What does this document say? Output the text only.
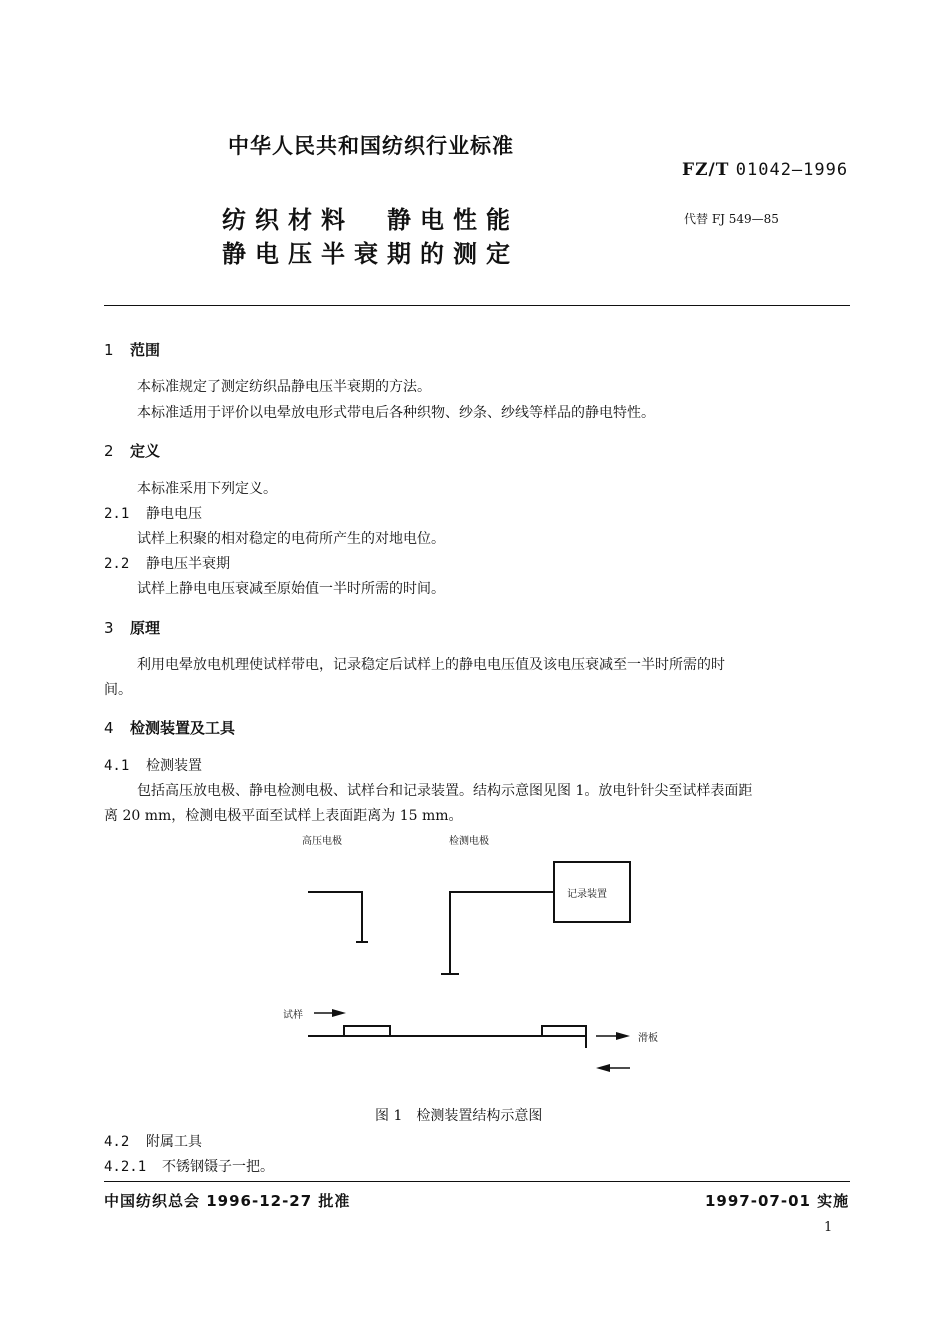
中华人民共和国纺织行业标准
FZ/T 01042—1996
纺织材料　静电性能
静电压半衰期的测定
代替 FJ 549—85
1 范围
本标准规定了测定纺织品静电压半衰期的方法。
本标准适用于评价以电晕放电形式带电后各种织物、纱条、纱线等样品的静电特性。
2 定义
本标准采用下列定义。
2.1 静电电压
试样上积聚的相对稳定的电荷所产生的对地电位。
2.2 静电压半衰期
试样上静电电压衰减至原始值一半时所需的时间。
3 原理
利用电晕放电机理使试样带电，记录稳定后试样上的静电电压值及该电压衰减至一半时所需的时
间。
4 检测装置及工具
4.1 检测装置
包括高压放电极、静电检测电极、试样台和记录装置。结构示意图见图 1。放电针针尖至试样表面距
离 20 mm，检测电极平面至试样上表面距离为 15 mm。
高压电极	检测电极
记录装置
试样
滑板
图 1　检测装置结构示意图
4.2 附属工具
4.2.1 不锈钢镊子一把。
中国纺织总会 1996-12-27 批准	1997-07-01 实施
1
